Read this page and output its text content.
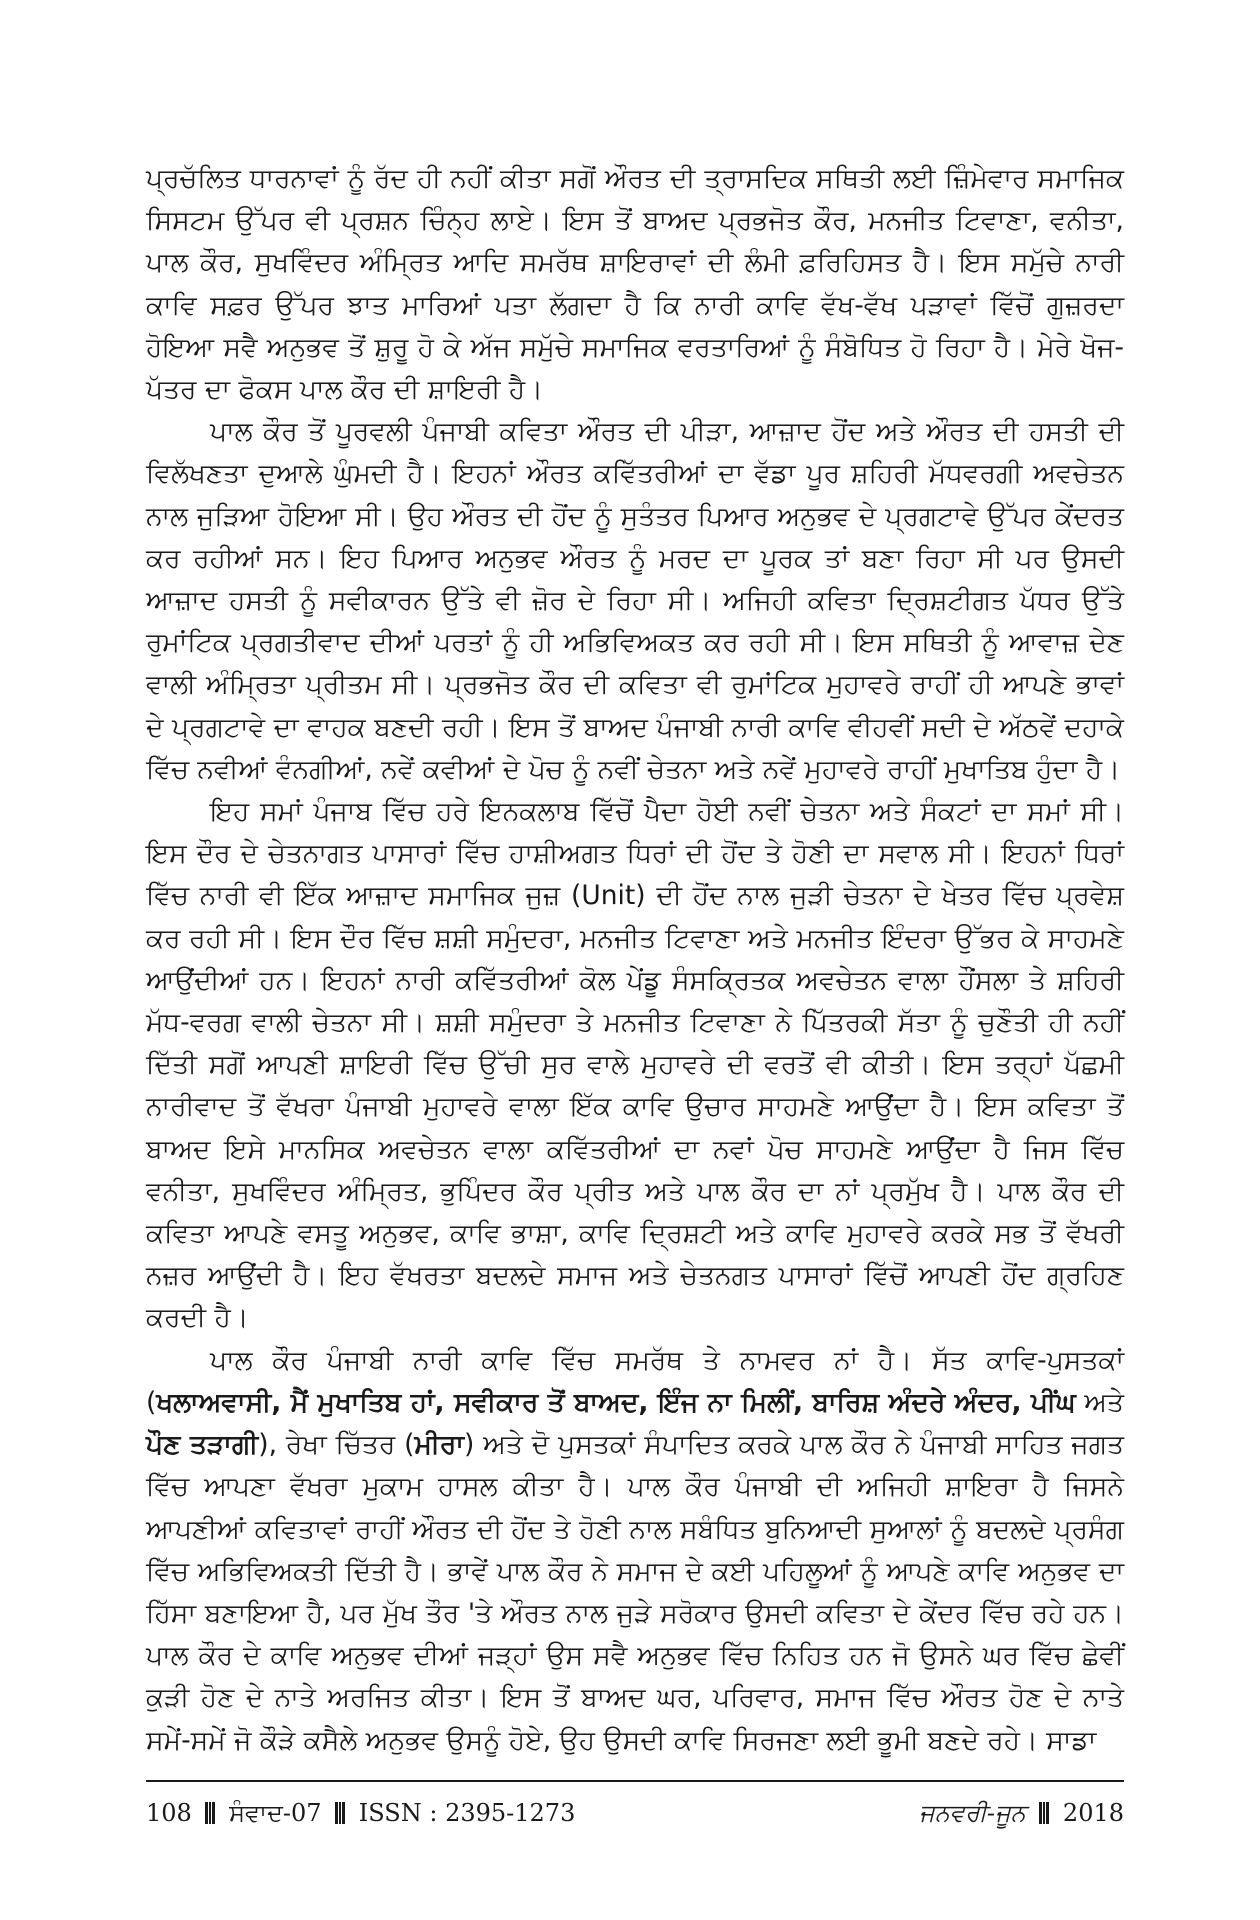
ਪ੍ਰਚੱਲਿਤ ਧਾਰਨਾਵਾਂ ਨੂੰ ਰੱਦ ਹੀ ਨਹੀਂ ਕੀਤਾ ਸਗੋਂ ਔਰਤ ਦੀ ਤ੍ਰਾਸਦਿਕ ਸਥਿਤੀ ਲਈ ਜ਼ਿੰਮੇਵਾਰ ਸਮਾਜਿਕ ਸਿਸਟਮ ਉੱਪਰ ਵੀ ਪ੍ਰਸ਼ਨ ਚਿੰਨ੍ਹ ਲਾਏ। ਇਸ ਤੋਂ ਬਾਅਦ ਪ੍ਰਭਜੋਤ ਕੌਰ, ਮਨਜੀਤ ਟਿਵਾਣਾ, ਵਨੀਤਾ, ਪਾਲ ਕੌਰ, ਸੁਖਵਿੰਦਰ ਅੰਮ੍ਰਿਤ ਆਦਿ ਸਮਰੱਥ ਸ਼ਾਇਰਾਵਾਂ ਦੀ ਲੰਮੀ ਫ਼ਰਿਹਿਸਤ ਹੈ। ਇਸ ਸਮੁੱਚੇ ਨਾਰੀ ਕਾਵਿ ਸਫ਼ਰ ਉੱਪਰ ਝਾਤ ਮਾਰਿਆਂ ਪਤਾ ਲੱਗਦਾ ਹੈ ਕਿ ਨਾਰੀ ਕਾਵਿ ਵੱਖ-ਵੱਖ ਪੜਾਵਾਂ ਵਿੱਚੋਂ ਗੁਜ਼ਰਦਾ ਹੋਇਆ ਸਵੈ ਅਨੁਭਵ ਤੋਂ ਸ਼ੁਰੂ ਹੋ ਕੇ ਅੱਜ ਸਮੁੱਚੇ ਸਮਾਜਿਕ ਵਰਤਾਰਿਆਂ ਨੂੰ ਸੰਬੋਧਿਤ ਹੋ ਰਿਹਾ ਹੈ। ਮੇਰੇ ਖੋਜ-ਪੱਤਰ ਦਾ ਫੋਕਸ ਪਾਲ ਕੌਰ ਦੀ ਸ਼ਾਇਰੀ ਹੈ।

ਪਾਲ ਕੌਰ ਤੋਂ ਪੂਰਵਲੀ ਪੰਜਾਬੀ ਕਵਿਤਾ ਔਰਤ ਦੀ ਪੀੜਾ, ਆਜ਼ਾਦ ਹੋਂਦ ਅਤੇ ਔਰਤ ਦੀ ਹਸਤੀ ਦੀ ਵਿਲੱਖਣਤਾ ਦੁਆਲੇ ਘੁੰਮਦੀ ਹੈ। ਇਹਨਾਂ ਔਰਤ ਕਵਿੱਤਰੀਆਂ ਦਾ ਵੱਡਾ ਪੂਰ ਸ਼ਹਿਰੀ ਮੱਧਵਰਗੀ ਅਵਚੇਤਨ ਨਾਲ ਜੁੜਿਆ ਹੋਇਆ ਸੀ। ਉਹ ਔਰਤ ਦੀ ਹੋਂਦ ਨੂੰ ਸੁਤੰਤਰ ਪਿਆਰ ਅਨੁਭਵ ਦੇ ਪ੍ਰਗਟਾਵੇ ਉੱਪਰ ਕੇਂਦਰਤ ਕਰ ਰਹੀਆਂ ਸਨ। ਇਹ ਪਿਆਰ ਅਨੁਭਵ ਔਰਤ ਨੂੰ ਮਰਦ ਦਾ ਪੂਰਕ ਤਾਂ ਬਣਾ ਰਿਹਾ ਸੀ ਪਰ ਉਸਦੀ ਆਜ਼ਾਦ ਹਸਤੀ ਨੂੰ ਸਵੀਕਾਰਨ ਉੱਤੇ ਵੀ ਜ਼ੋਰ ਦੇ ਰਿਹਾ ਸੀ। ਅਜਿਹੀ ਕਵਿਤਾ ਦ੍ਰਿਸ਼ਟੀਗਤ ਪੱਧਰ ਉੱਤੇ ਰੁਮਾਂਟਿਕ ਪ੍ਰਗਤੀਵਾਦ ਦੀਆਂ ਪਰਤਾਂ ਨੂੰ ਹੀ ਅਭਿਵਿਅਕਤ ਕਰ ਰਹੀ ਸੀ। ਇਸ ਸਥਿਤੀ ਨੂੰ ਆਵਾਜ਼ ਦੇਣ ਵਾਲੀ ਅੰਮ੍ਰਿਤਾ ਪ੍ਰੀਤਮ ਸੀ। ਪ੍ਰਭਜੋਤ ਕੌਰ ਦੀ ਕਵਿਤਾ ਵੀ ਰੁਮਾਂਟਿਕ ਮੁਹਾਵਰੇ ਰਾਹੀਂ ਹੀ ਆਪਣੇ ਭਾਵਾਂ ਦੇ ਪ੍ਰਗਟਾਵੇ ਦਾ ਵਾਹਕ ਬਣਦੀ ਰਹੀ। ਇਸ ਤੋਂ ਬਾਅਦ ਪੰਜਾਬੀ ਨਾਰੀ ਕਾਵਿ ਵੀਹਵੀਂ ਸਦੀ ਦੇ ਅੱਠਵੇਂ ਦਹਾਕੇ ਵਿੱਚ ਨਵੀਆਂ ਵੰਨਗੀਆਂ, ਨਵੇਂ ਕਵੀਆਂ ਦੇ ਪੋਚ ਨੂੰ ਨਵੀਂ ਚੇਤਨਾ ਅਤੇ ਨਵੇਂ ਮੁਹਾਵਰੇ ਰਾਹੀਂ ਮੁਖਾਤਿਬ ਹੁੰਦਾ ਹੈ।

ਇਹ ਸਮਾਂ ਪੰਜਾਬ ਵਿੱਚ ਹਰੇ ਇਨਕਲਾਬ ਵਿੱਚੋਂ ਪੈਦਾ ਹੋਈ ਨਵੀਂ ਚੇਤਨਾ ਅਤੇ ਸੰਕਟਾਂ ਦਾ ਸਮਾਂ ਸੀ। ਇਸ ਦੌਰ ਦੇ ਚੇਤਨਾਗਤ ਪਾਸਾਰਾਂ ਵਿੱਚ ਹਾਸ਼ੀਅਗਤ ਧਿਰਾਂ ਦੀ ਹੋਂਦ ਤੇ ਹੋਣੀ ਦਾ ਸਵਾਲ ਸੀ। ਇਹਨਾਂ ਧਿਰਾਂ ਵਿੱਚ ਨਾਰੀ ਵੀ ਇੱਕ ਆਜ਼ਾਦ ਸਮਾਜਿਕ ਜੁਜ਼ (Unit) ਦੀ ਹੋਂਦ ਨਾਲ ਜੁੜੀ ਚੇਤਨਾ ਦੇ ਖੇਤਰ ਵਿੱਚ ਪ੍ਰਵੇਸ਼ ਕਰ ਰਹੀ ਸੀ। ਇਸ ਦੌਰ ਵਿੱਚ ਸ਼ਸ਼ੀ ਸਮੁੰਦਰਾ, ਮਨਜੀਤ ਟਿਵਾਣਾ ਅਤੇ ਮਨਜੀਤ ਇੰਦਰਾ ਉੱਭਰ ਕੇ ਸਾਹਮਣੇ ਆਉਂਦੀਆਂ ਹਨ। ਇਹਨਾਂ ਨਾਰੀ ਕਵਿੱਤਰੀਆਂ ਕੋਲ ਪੇਂਡੂ ਸੰਸਕ੍ਰਿਤਕ ਅਵਚੇਤਨ ਵਾਲਾ ਹੌਂਸਲਾ ਤੇ ਸ਼ਹਿਰੀ ਮੱਧ-ਵਰਗ ਵਾਲੀ ਚੇਤਨਾ ਸੀ। ਸ਼ਸ਼ੀ ਸਮੁੰਦਰਾ ਤੇ ਮਨਜੀਤ ਟਿਵਾਣਾ ਨੇ ਪਿੱਤਰਕੀ ਸੱਤਾ ਨੂੰ ਚੁਣੌਤੀ ਹੀ ਨਹੀਂ ਦਿੱਤੀ ਸਗੋਂ ਆਪਣੀ ਸ਼ਾਇਰੀ ਵਿੱਚ ਉੱਚੀ ਸੁਰ ਵਾਲੇ ਮੁਹਾਵਰੇ ਦੀ ਵਰਤੋਂ ਵੀ ਕੀਤੀ। ਇਸ ਤਰ੍ਹਾਂ ਪੱਛਮੀ ਨਾਰੀਵਾਦ ਤੋਂ ਵੱਖਰਾ ਪੰਜਾਬੀ ਮੁਹਾਵਰੇ ਵਾਲਾ ਇੱਕ ਕਾਵਿ ਉਚਾਰ ਸਾਹਮਣੇ ਆਉਂਦਾ ਹੈ। ਇਸ ਕਵਿਤਾ ਤੋਂ ਬਾਅਦ ਇਸੇ ਮਾਨਸਿਕ ਅਵਚੇਤਨ ਵਾਲਾ ਕਵਿੱਤਰੀਆਂ ਦਾ ਨਵਾਂ ਪੋਚ ਸਾਹਮਣੇ ਆਉਂਦਾ ਹੈ ਜਿਸ ਵਿੱਚ ਵਨੀਤਾ, ਸੁਖਵਿੰਦਰ ਅੰਮ੍ਰਿਤ, ਭੁਪਿੰਦਰ ਕੌਰ ਪ੍ਰੀਤ ਅਤੇ ਪਾਲ ਕੌਰ ਦਾ ਨਾਂ ਪ੍ਰਮੁੱਖ ਹੈ। ਪਾਲ ਕੌਰ ਦੀ ਕਵਿਤਾ ਆਪਣੇ ਵਸਤੂ ਅਨੁਭਵ, ਕਾਵਿ ਭਾਸ਼ਾ, ਕਾਵਿ ਦ੍ਰਿਸ਼ਟੀ ਅਤੇ ਕਾਵਿ ਮੁਹਾਵਰੇ ਕਰਕੇ ਸਭ ਤੋਂ ਵੱਖਰੀ ਨਜ਼ਰ ਆਉਂਦੀ ਹੈ। ਇਹ ਵੱਖਰਤਾ ਬਦਲਦੇ ਸਮਾਜ ਅਤੇ ਚੇਤਨਗਤ ਪਾਸਾਰਾਂ ਵਿੱਚੋਂ ਆਪਣੀ ਹੋਂਦ ਗ੍ਰਹਿਣ ਕਰਦੀ ਹੈ।

ਪਾਲ ਕੌਰ ਪੰਜਾਬੀ ਨਾਰੀ ਕਾਵਿ ਵਿੱਚ ਸਮਰੱਥ ਤੇ ਨਾਮਵਰ ਨਾਂ ਹੈ। ਸੱਤ ਕਾਵਿ-ਪੁਸਤਕਾਂ (ਖਲਾਅਵਾਸੀ, ਮੈਂ ਮੁਖਾਤਿਬ ਹਾਂ, ਸਵੀਕਾਰ ਤੋਂ ਬਾਅਦ, ਇੰਜ ਨਾ ਮਿਲੀਂ, ਬਾਰਿਸ਼ ਅੰਦਰੇ ਅੰਦਰ, ਪੀਂਘ ਅਤੇ ਪੌਣ ਤੜਾਗੀ), ਰੇਖਾ ਚਿੱਤਰ (ਮੀਰਾ) ਅਤੇ ਦੋ ਪੁਸਤਕਾਂ ਸੰਪਾਦਿਤ ਕਰਕੇ ਪਾਲ ਕੌਰ ਨੇ ਪੰਜਾਬੀ ਸਾਹਿਤ ਜਗਤ ਵਿੱਚ ਆਪਣਾ ਵੱਖਰਾ ਮੁਕਾਮ ਹਾਸਲ ਕੀਤਾ ਹੈ। ਪਾਲ ਕੌਰ ਪੰਜਾਬੀ ਦੀ ਅਜਿਹੀ ਸ਼ਾਇਰਾ ਹੈ ਜਿਸਨੇ ਆਪਣੀਆਂ ਕਵਿਤਾਵਾਂ ਰਾਹੀਂ ਔਰਤ ਦੀ ਹੋਂਦ ਤੇ ਹੋਣੀ ਨਾਲ ਸਬੰਧਿਤ ਬੁਨਿਆਦੀ ਸੁਆਲਾਂ ਨੂੰ ਬਦਲਦੇ ਪ੍ਰਸੰਗ ਵਿੱਚ ਅਭਿਵਿਅਕਤੀ ਦਿੱਤੀ ਹੈ। ਭਾਵੇਂ ਪਾਲ ਕੌਰ ਨੇ ਸਮਾਜ ਦੇ ਕਈ ਪਹਿਲੂਆਂ ਨੂੰ ਆਪਣੇ ਕਾਵਿ ਅਨੁਭਵ ਦਾ ਹਿੱਸਾ ਬਣਾਇਆ ਹੈ, ਪਰ ਮੁੱਖ ਤੌਰ 'ਤੇ ਔਰਤ ਨਾਲ ਜੁੜੇ ਸਰੋਕਾਰ ਉਸਦੀ ਕਵਿਤਾ ਦੇ ਕੇਂਦਰ ਵਿੱਚ ਰਹੇ ਹਨ। ਪਾਲ ਕੌਰ ਦੇ ਕਾਵਿ ਅਨੁਭਵ ਦੀਆਂ ਜੜ੍ਹਾਂ ਉਸ ਸਵੈ ਅਨੁਭਵ ਵਿੱਚ ਨਿਹਿਤ ਹਨ ਜੋ ਉਸਨੇ ਘਰ ਵਿੱਚ ਛੇਵੀਂ ਕੁੜੀ ਹੋਣ ਦੇ ਨਾਤੇ ਅਰਜਿਤ ਕੀਤਾ। ਇਸ ਤੋਂ ਬਾਅਦ ਘਰ, ਪਰਿਵਾਰ, ਸਮਾਜ ਵਿੱਚ ਔਰਤ ਹੋਣ ਦੇ ਨਾਤੇ ਸਮੇਂ-ਸਮੇਂ ਜੋ ਕੌੜੇ ਕਸੈਲੇ ਅਨੁਭਵ ਉਸਨੂੰ ਹੋਏ, ਉਹ ਉਸਦੀ ਕਾਵਿ ਸਿਰਜਣਾ ਲਈ ਭੂਮੀ ਬਣਦੇ ਰਹੇ। ਸਾਡਾ

108 ਸੰਵਾਦ-07 ISSN : 2395-1273	ਜਨਵਰੀ-ਜੂਨ 2018
